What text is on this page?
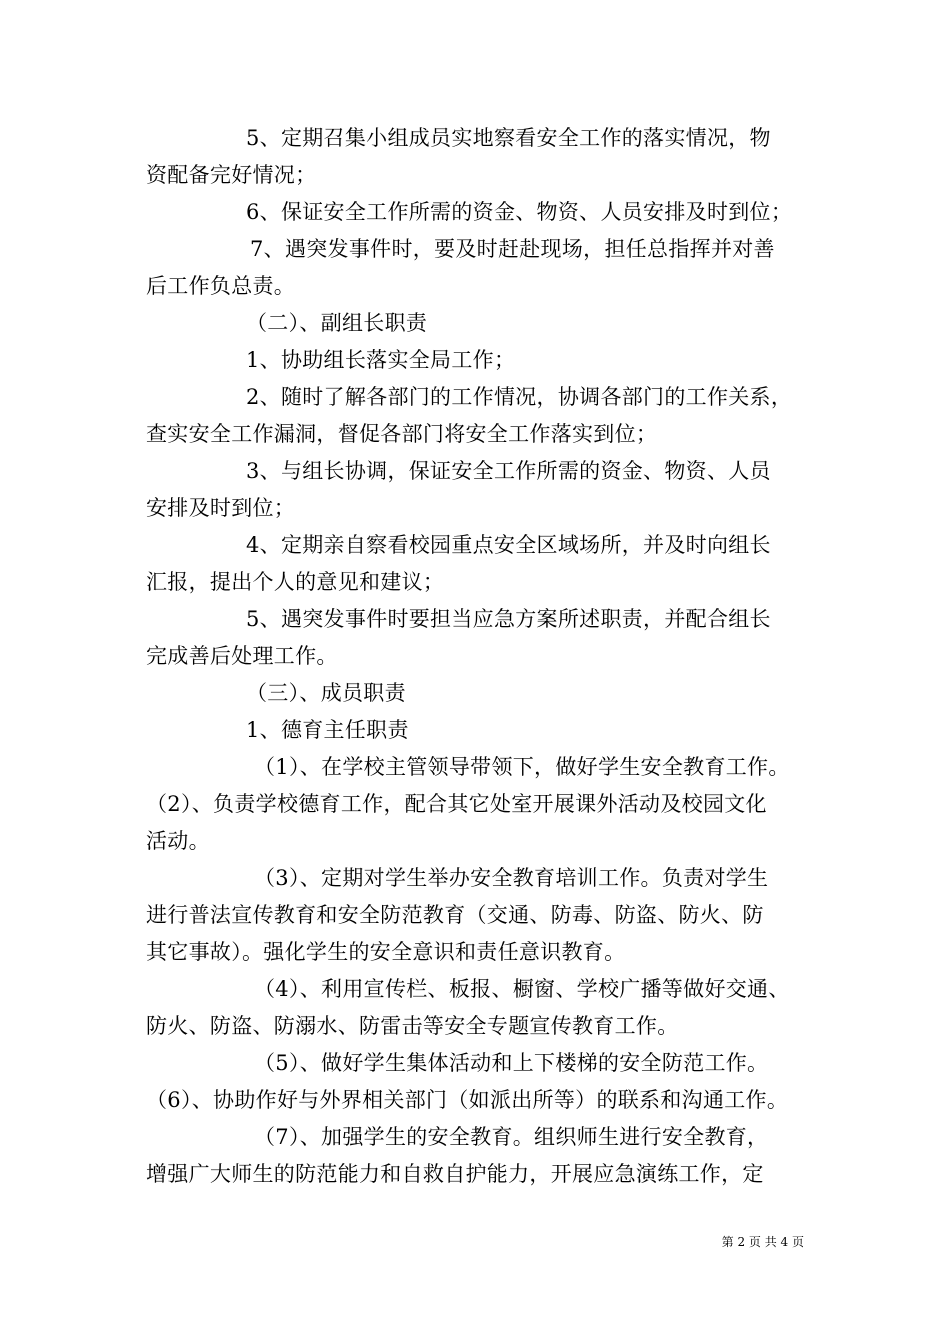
5、定期召集小组成员实地察看安全工作的落实情况，物
资配备完好情况；
6、保证安全工作所需的资金、物资、人员安排及时到位；
7、遇突发事件时，要及时赶赴现场，担任总指挥并对善
后工作负总责。
（二）、副组长职责
1、协助组长落实全局工作；
2、随时了解各部门的工作情况，协调各部门的工作关系，
查实安全工作漏洞，督促各部门将安全工作落实到位；
3、与组长协调，保证安全工作所需的资金、物资、人员
安排及时到位；
4、定期亲自察看校园重点安全区域场所，并及时向组长
汇报，提出个人的意见和建议；
5、遇突发事件时要担当应急方案所述职责，并配合组长
完成善后处理工作。
（三）、成员职责
1、德育主任职责
（1）、在学校主管领导带领下，做好学生安全教育工作。
（2）、负责学校德育工作，配合其它处室开展课外活动及校园文化
活动。
（3）、定期对学生举办安全教育培训工作。负责对学生
进行普法宣传教育和安全防范教育（交通、防毒、防盗、防火、防
其它事故）。强化学生的安全意识和责任意识教育。
（4）、利用宣传栏、板报、橱窗、学校广播等做好交通、
防火、防盗、防溺水、防雷击等安全专题宣传教育工作。
（5）、做好学生集体活动和上下楼梯的安全防范工作。
（6）、协助作好与外界相关部门（如派出所等）的联系和沟通工作。
（7）、加强学生的安全教育。组织师生进行安全教育，
增强广大师生的防范能力和自救自护能力，开展应急演练工作，定
第 2 页 共 4 页
